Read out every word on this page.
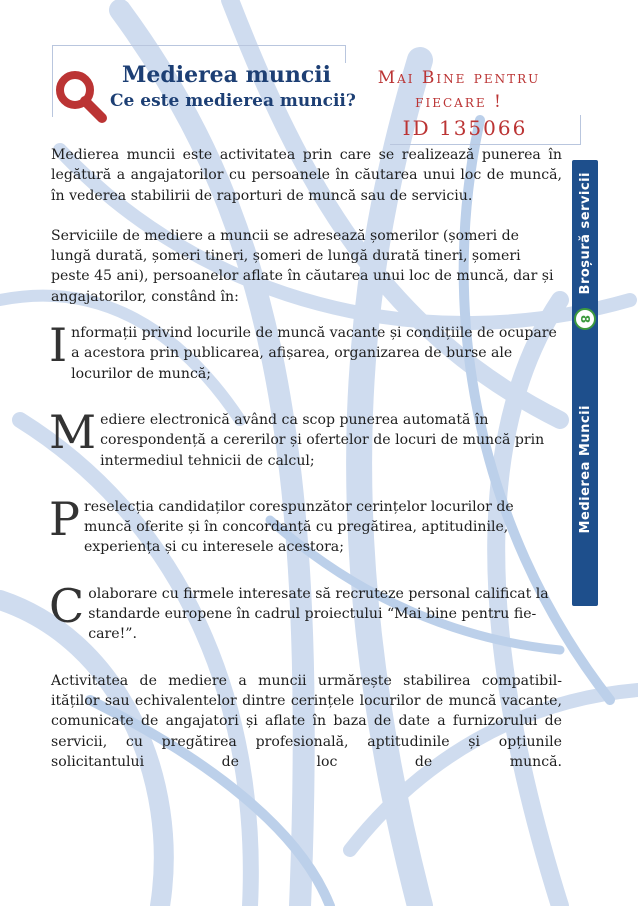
Medierea muncii
Ce este medierea muncii?
Mai Bine pentru
fiecare !
ID 135066
Broșură servicii
8
Medierea Muncii

Medierea muncii este activitatea prin care se realizează punerea în legătură a angajatorilor cu persoanele în căutarea unui loc de muncă, în vederea stabilirii de raporturi de muncă sau de serviciu.

Serviciile de mediere a muncii se adresează șomerilor (șomeri de lungă durată, șomeri tineri, șomeri de lungă durată tineri, șomeri peste 45 ani), persoanelor aflate în căutarea unui loc de muncă, dar și angajatorilor, constând în:

I nformații privind locurile de muncă vacante și condițiile de ocupare a acestora prin publicarea, afișarea, organizarea de burse ale locurilor de muncă;
M ediere electronică având ca scop punerea automată în corespondență a cererilor și ofertelor de locuri de muncă prin intermediul tehnicii de calcul;
P reselecția candidaților corespunzător cerințelor locurilor de muncă oferite și în concordanță cu pregătirea, aptitudinile, experiența și cu interesele acestora;
C olaborare cu firmele interesate să recruteze personal calificat la standarde europene în cadrul proiectului “Mai bine pentru fie-care!”.

Activitatea de mediere a muncii urmărește stabilirea compatibil-ităților sau echivalentelor dintre cerințele locurilor de muncă vacante, comunicate de angajatori și aflate în baza de date a furnizorului de servicii, cu pregătirea profesională, aptitudinile și opțiunile solicitantului de loc de muncă.
